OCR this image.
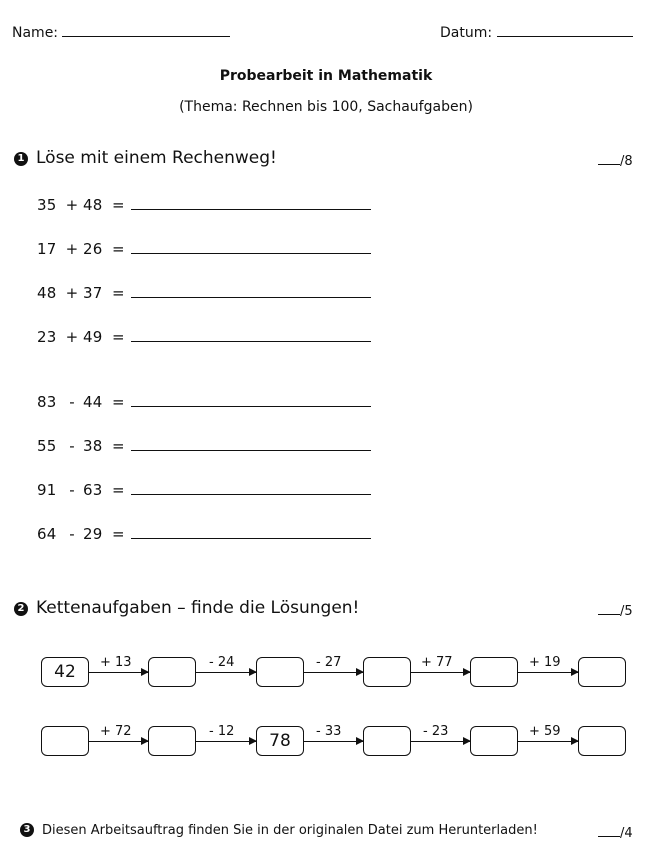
Name:	Datum:
Probearbeit in Mathematik
(Thema: Rechnen bis 100, Sachaufgaben)
1 Löse mit einem Rechenweg!	/8
35 + 48 =
17 + 26 =
48 + 37 =
23 + 49 =
83 - 44 =
55 - 38 =
91 - 63 =
64 - 29 =
2 Kettenaufgaben – finde die Lösungen!	/5
42	+ 13	- 24	- 27	+ 77	+ 19
78
+ 72	- 12	- 33	- 23	+ 59
3 Diesen Arbeitsauftrag finden Sie in der originalen Datei zum Herunterladen!	/4
